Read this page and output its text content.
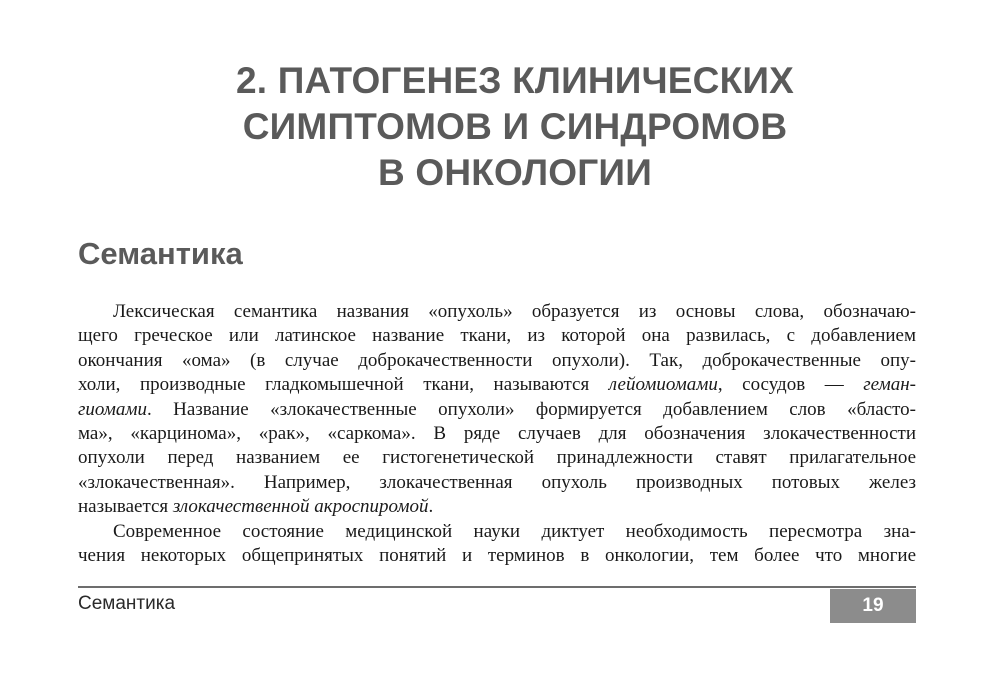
2. ПАТОГЕНЕЗ КЛИНИЧЕСКИХ
СИМПТОМОВ И СИНДРОМОВ
В ОНКОЛОГИИ
Семантика
Лексическая семантика названия «опухоль» образуется из основы слова, обозначаю-
щего греческое или латинское название ткани, из которой она развилась, с добавлением
окончания «ома» (в случае доброкачественности опухоли). Так, доброкачественные опу-
холи, производные гладкомышечной ткани, называются лейомиомами, сосудов — геман-
гиомами. Название «злокачественные опухоли» формируется добавлением слов «бласто-
ма», «карцинома», «рак», «саркома». В ряде случаев для обозначения злокачественности
опухоли перед названием ее гистогенетической принадлежности ставят прилагательное
«злокачественная». Например, злокачественная опухоль производных потовых желез
называется злокачественной акроспиромой.
Современное состояние медицинской науки диктует необходимость пересмотра зна-
чения некоторых общепринятых понятий и терминов в онкологии, тем более что многие
Семантика	19
